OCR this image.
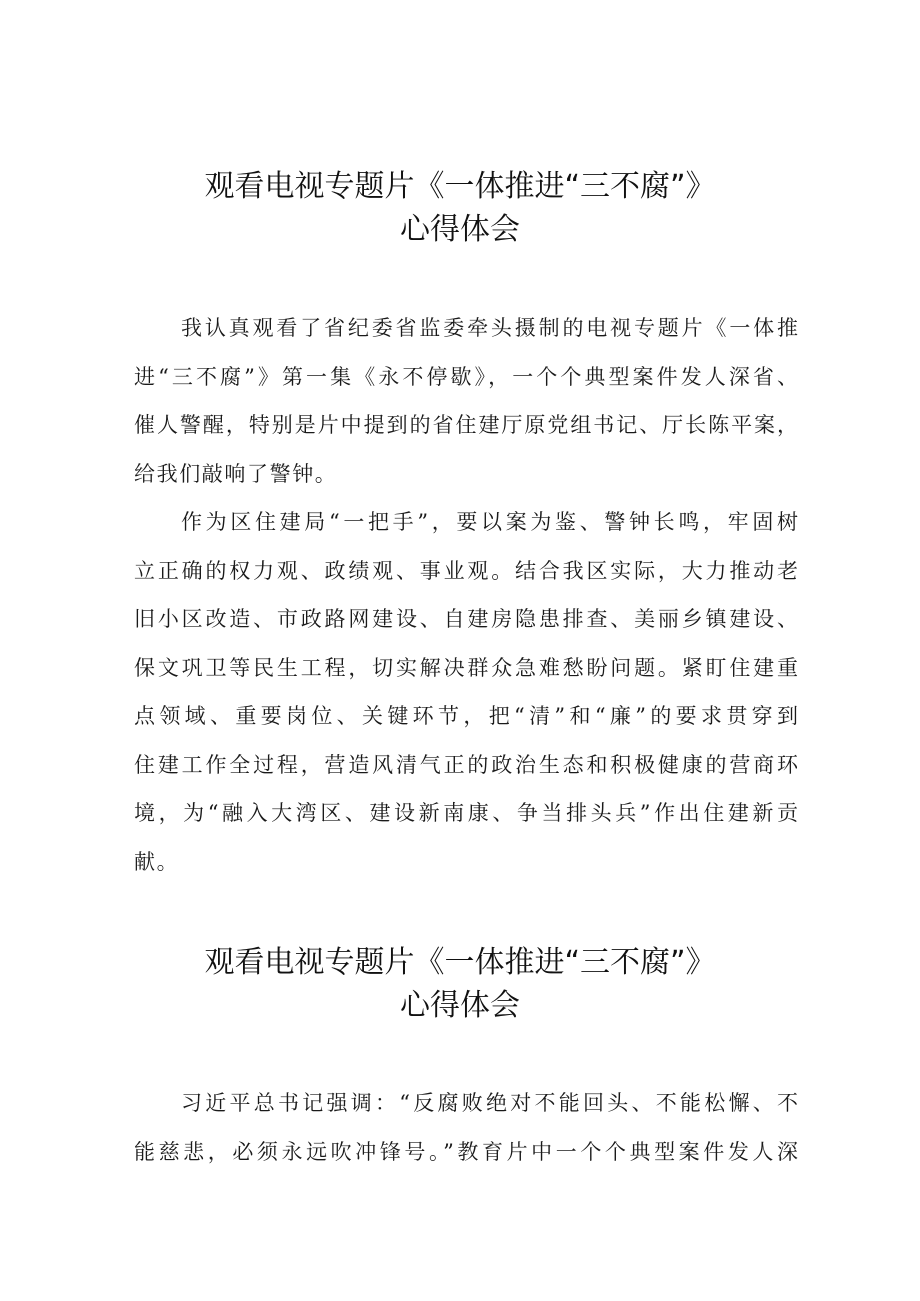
观看电视专题片《一体推进“三不腐”》
心得体会
我认真观看了省纪委省监委牵头摄制的电视专题片《一体推
进“三不腐”》第一集《永不停歇》，一个个典型案件发人深省、
催人警醒，特别是片中提到的省住建厅原党组书记、厅长陈平案，
给我们敲响了警钟。
作为区住建局“一把手”，要以案为鉴、警钟长鸣，牢固树
立正确的权力观、政绩观、事业观。结合我区实际，大力推动老
旧小区改造、市政路网建设、自建房隐患排查、美丽乡镇建设、
保文巩卫等民生工程，切实解决群众急难愁盼问题。紧盯住建重
点领域、重要岗位、关键环节，把“清”和“廉”的要求贯穿到
住建工作全过程，营造风清气正的政治生态和积极健康的营商环
境，为“融入大湾区、建设新南康、争当排头兵”作出住建新贡
献。
观看电视专题片《一体推进“三不腐”》
心得体会
习近平总书记强调：“反腐败绝对不能回头、不能松懈、不
能慈悲，必须永远吹冲锋号。”教育片中一个个典型案件发人深
